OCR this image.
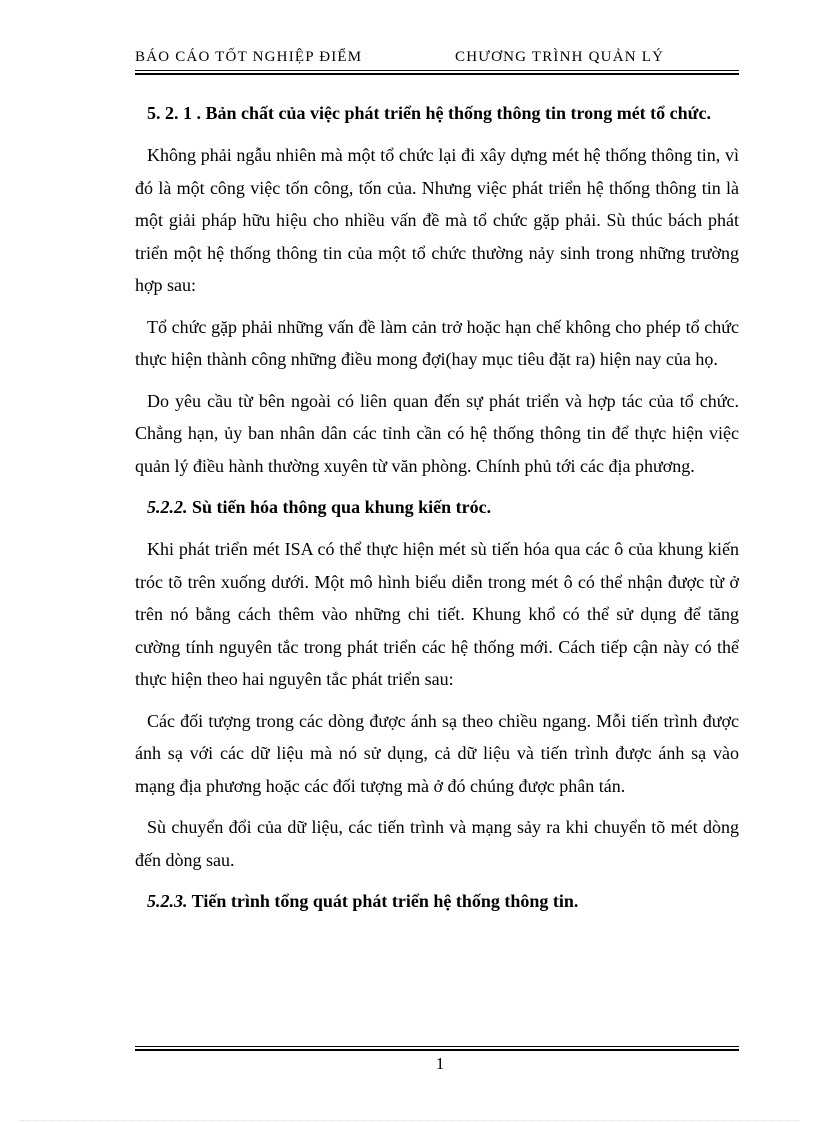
BÁO CÁO TỐT NGHIỆP ĐIỂM	CHƯƠNG TRÌNH QUẢN LÝ
5. 2. 1 . Bản chất của việc phát triển hệ thống thông tin trong mét tổ chức.

Không phải ngẫu nhiên mà một tổ chức lại đi xây dựng mét hệ thống thông tin, vì đó là một công việc tốn công, tốn của. Nhưng việc phát triển hệ thống thông tin là một giải pháp hữu hiệu cho nhiều vấn đề mà tổ chức gặp phải. Sù thúc bách phát triển một hệ thống thông tin của một tổ chức thường nảy sinh trong những trường hợp sau:

Tổ chức gặp phải những vấn đề làm cản trở hoặc hạn chế không cho phép tổ chức thực hiện thành công những điều mong đợi(hay mục tiêu đặt ra) hiện nay của họ.

Do yêu cầu từ bên ngoài có liên quan đến sự phát triển và hợp tác của tổ chức. Chẳng hạn, ủy ban nhân dân các tỉnh cần có hệ thống thông tin để thực hiện việc quản lý điều hành thường xuyên từ văn phòng. Chính phủ tới các địa phương.

5.2.2. Sù tiến hóa thông qua khung kiến tróc.

Khi phát triển mét ISA có thể thực hiện mét sù tiến hóa qua các ô của khung kiến tróc tõ trên xuống dưới. Một mô hình biểu diễn trong mét ô có thể nhận được từ ở trên nó bằng cách thêm vào những chi tiết. Khung khổ có thể sử dụng để tăng cường tính nguyên tắc trong phát triển các hệ thống mới. Cách tiếp cận này có thể thực hiện theo hai nguyên tắc phát triển sau:

Các đối tượng trong các dòng được ánh sạ theo chiều ngang. Mỗi tiến trình được ánh sạ với các dữ liệu mà nó sử dụng, cả dữ liệu và tiến trình được ánh sạ vào mạng địa phương hoặc các đối tượng mà ở đó chúng được phân tán.

Sù chuyển đổi của dữ liệu, các tiến trình và mạng sảy ra khi chuyển tõ mét dòng đến dòng sau.

5.2.3. Tiến trình tổng quát phát triển hệ thống thông tin.
1
